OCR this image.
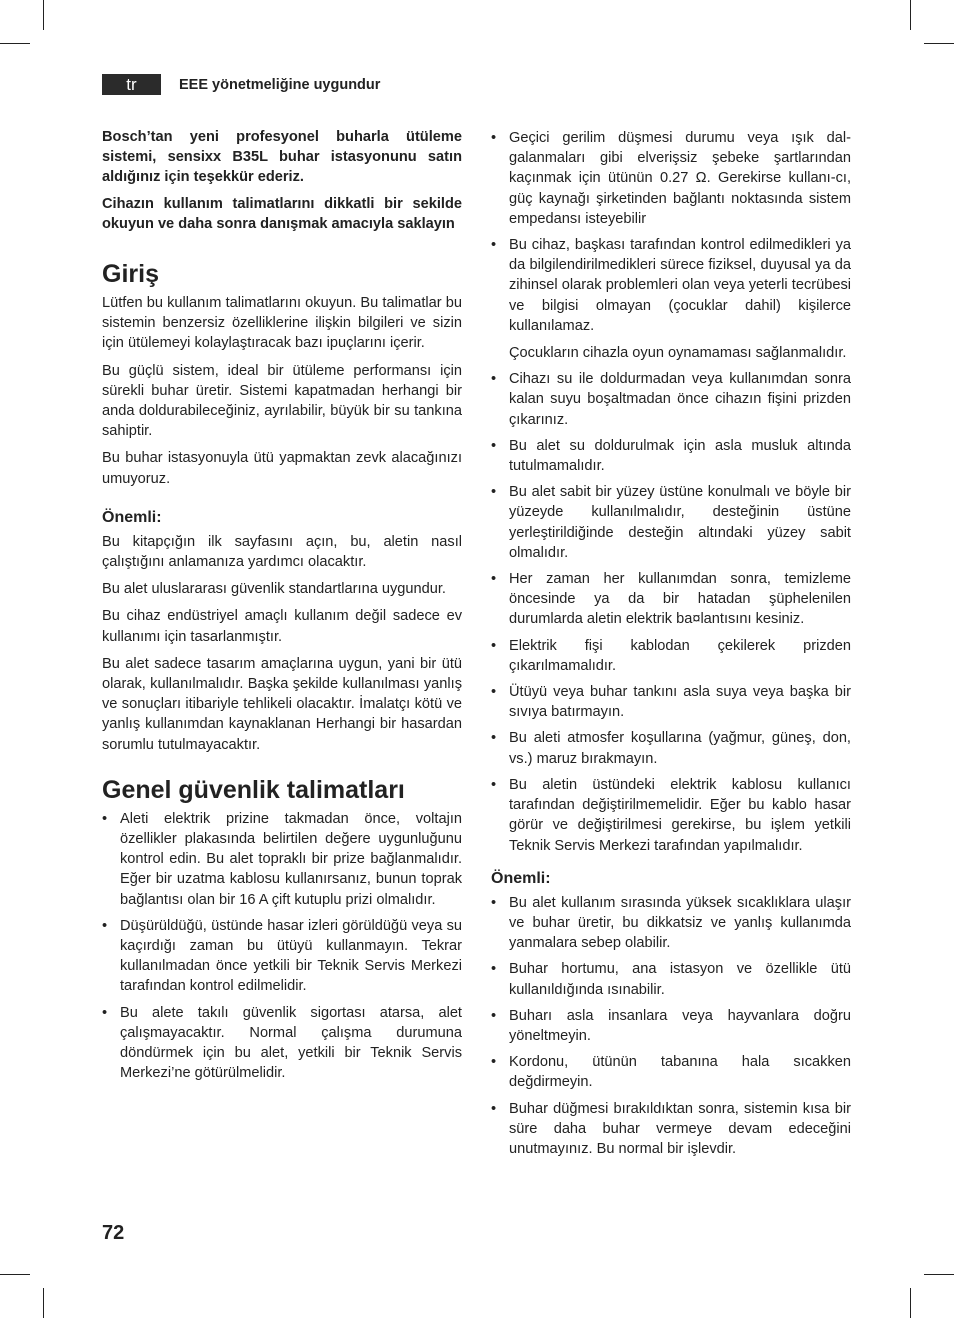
tr	EEE yönetmeliğine uygundur

Bosch’tan yeni profesyonel buharla ütüleme sistemi, sensixx B35L buhar istasyonunu satın aldığınız için teşekkür ederiz.

Cihazın kullanım talimatlarını dikkatli bir sekilde okuyun ve daha sonra danışmak amacıyla saklayın

Giriş

Lütfen bu kullanım talimatlarını okuyun. Bu talimatlar bu sistemin benzersiz özelliklerine ilişkin bilgileri ve sizin için ütülemeyi kolaylaştıracak bazı ipuçlarını içerir.

Bu güçlü sistem, ideal bir ütüleme performansı için sürekli buhar üretir. Sistemi kapatmadan herhangi bir anda doldurabileceğiniz, ayrılabilir, büyük bir su tankına sahiptir.

Bu buhar istasyonuyla ütü yapmaktan zevk alacağınızı umuyoruz.

Önemli:

Bu kitapçığın ilk sayfasını açın, bu, aletin nasıl çalıştığını anlamanıza yardımcı olacaktır.

Bu alet uluslararası güvenlik standartlarına uygundur.

Bu cihaz endüstriyel amaçlı kullanım değil sadece ev kullanımı için tasarlanmıştır.

Bu alet sadece tasarım amaçlarına uygun, yani bir ütü olarak, kullanılmalıdır. Başka şekilde kullanılması yanlış ve sonuçları itibariyle tehlikeli olacaktır. İmalatçı kötü ve yanlış kullanımdan kaynaklanan Herhangi bir hasardan sorumlu tutulmayacaktır.

Genel güvenlik talimatları

• Aleti elektrik prizine takmadan önce, voltajın özellikler plakasında belirtilen değere uygunluğunu kontrol edin. Bu alet topraklı bir prize bağlanmalıdır. Eğer bir uzatma kablosu kullanırsanız, bunun toprak bağlantısı olan bir 16 A çift kutuplu prizi olmalıdır.

• Düşürüldüğü, üstünde hasar izleri görüldüğü veya su kaçırdığı zaman bu ütüyü kullanmayın. Tekrar kullanılmadan önce yetkili bir Teknik Servis Merkezi tarafından kontrol edilmelidir.

• Bu alete takılı güvenlik sigortası atarsa, alet çalışmayacaktır. Normal çalışma durumuna döndürmek için bu alet, yetkili bir Teknik Servis Merkezi’ne götürülmelidir.

• Geçici gerilim düşmesi durumu veya ışık dal-galanmaları gibi elverişsiz şebeke şartlarından kaçınmak için ütünün 0.27 Ω. Gerekirse kullanı-cı, güç kaynağı şirketinden bağlantı noktasında sistem empedansı isteyebilir

• Bu cihaz, başkası tarafından kontrol edilmedikleri ya da bilgilendirilmedikleri sürece fiziksel, duyusal ya da zihinsel olarak problemleri olan veya yeterli tecrübesi ve bilgisi olmayan (çocuklar dahil) kişilerce kullanılamaz.

Çocukların cihazla oyun oynamaması sağlanmalıdır.

• Cihazı su ile doldurmadan veya kullanımdan sonra kalan suyu boşaltmadan önce cihazın fişini prizden çıkarınız.

• Bu alet su doldurulmak için asla musluk altında tutulmamalıdır.

• Bu alet sabit bir yüzey üstüne konulmalı ve böyle bir yüzeyde kullanılmalıdır, desteğinin üstüne yerleştirildiğinde desteğin altındaki yüzey sabit olmalıdır.

• Her zaman her kullanımdan sonra, temizleme öncesinde ya da bir hatadan şüphelenilen durumlarda aletin elektrik ba¤lantısını kesiniz.

• Elektrik fişi kablodan çekilerek prizden çıkarılmamalıdır.

• Ütüyü veya buhar tankını asla suya veya başka bir sıvıya batırmayın.

• Bu aleti atmosfer koşullarına (yağmur, güneş, don, vs.) maruz bırakmayın.

• Bu aletin üstündeki elektrik kablosu kullanıcı tarafından değiştirilmemelidir. Eğer bu kablo hasar görür ve değiştirilmesi gerekirse, bu işlem yetkili Teknik Servis Merkezi tarafından yapılmalıdır.

Önemli:

• Bu alet kullanım sırasında yüksek sıcaklıklara ulaşır ve buhar üretir, bu dikkatsiz ve yanlış kullanımda yanmalara sebep olabilir.

• Buhar hortumu, ana istasyon ve özellikle ütü kullanıldığında ısınabilir.

• Buharı asla insanlara veya hayvanlara doğru yöneltmeyin.

• Kordonu, ütünün tabanına hala sıcakken değdirmeyin.

• Buhar düğmesi bırakıldıktan sonra, sistemin kısa bir süre daha buhar vermeye devam edeceğini unutmayınız. Bu normal bir işlevdir.

72
